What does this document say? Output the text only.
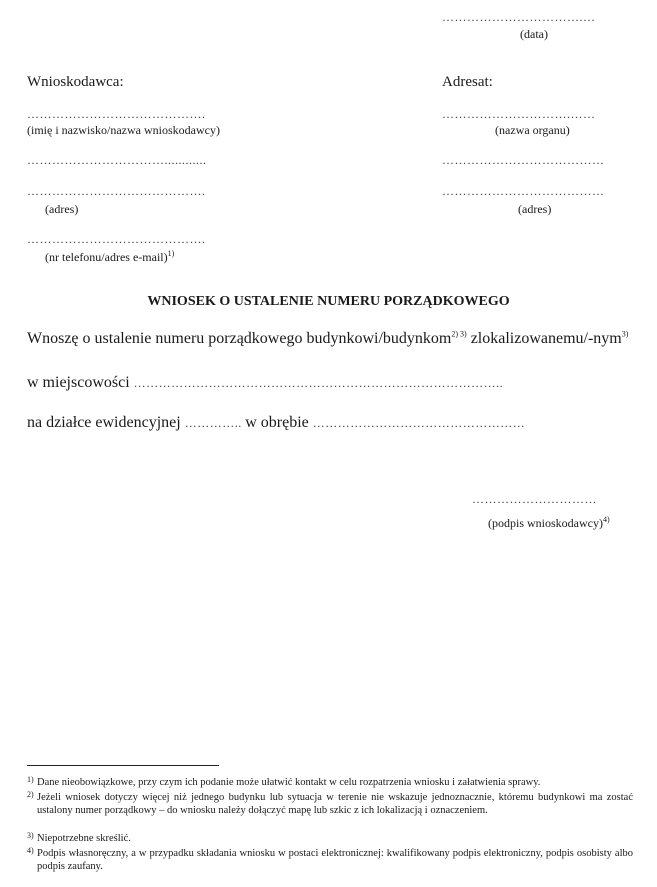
…………………………….…
(data)
Wnioskodawca:
…………………………………….
(imię i nazwisko/nazwa wnioskodawcy)
……………………………............
…………………………………….
(adres)
…………………………………….
(nr telefonu/adres e-mail)$^{1)}$
Adresat:
………………………….……
(nazwa organu)
…………………………………
…………………………………
(adres)
WNIOSEK O USTALENIE NUMERU PORZĄDKOWEGO
Wnoszę o ustalenie numeru porządkowego budynkowi/budynkom$^{2) 3)}$ zlokalizowanemu/-nym$^{3)}$
w miejscowości ……………………………………………………………………………..
na działce ewidencyjnej ………….. w obrębie ……………………………………………
…………………………
(podpis wnioskodawcy)$^{4)}$
1) Dane nieobowiązkowe, przy czym ich podanie może ułatwić kontakt w celu rozpatrzenia wniosku i załatwienia sprawy.
2) Jeżeli wniosek dotyczy więcej niż jednego budynku lub sytuacja w terenie nie wskazuje jednoznacznie, któremu budynkowi ma zostać ustalony numer porządkowy – do wniosku należy dołączyć mapę lub szkic z ich lokalizacją i oznaczeniem.
3) Niepotrzebne skreślić.
4) Podpis własnoręczny, a w przypadku składania wniosku w postaci elektronicznej: kwalifikowany podpis elektroniczny, podpis osobisty albo podpis zaufany.
